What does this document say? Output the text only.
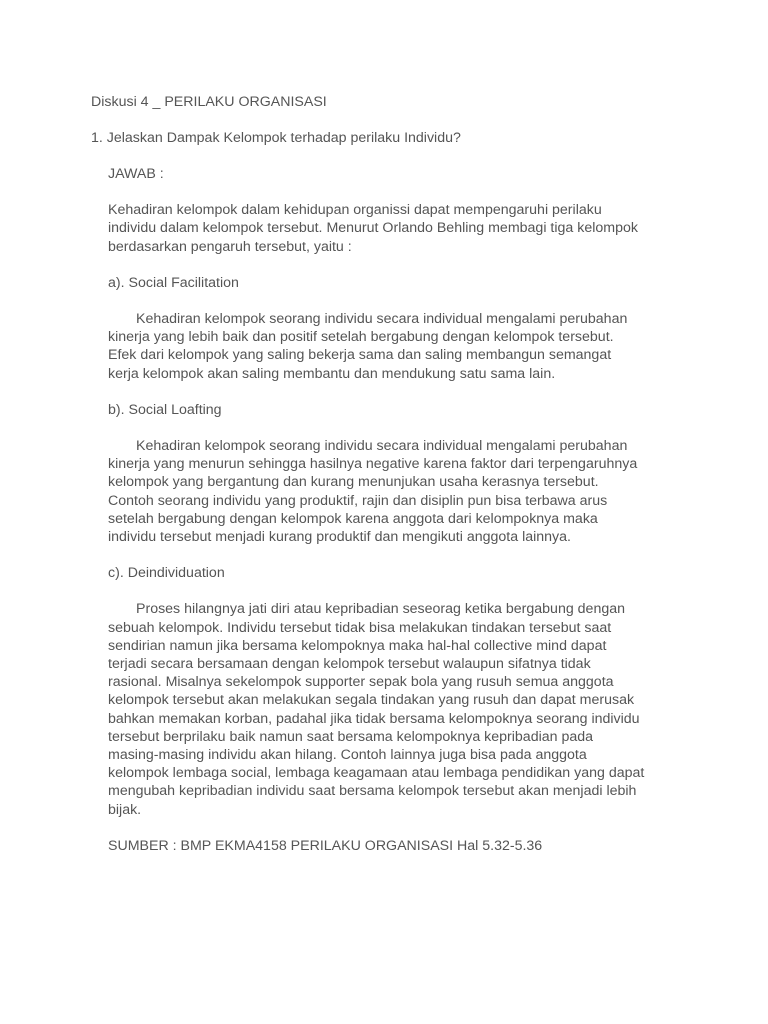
Diskusi 4 _ PERILAKU ORGANISASI
1. Jelaskan Dampak Kelompok terhadap perilaku Individu?

JAWAB :

Kehadiran kelompok dalam kehidupan organissi dapat mempengaruhi perilaku

individu dalam kelompok tersebut. Menurut Orlando Behling membagi tiga kelompok

berdasarkan pengaruh tersebut, yaitu :

a). Social Facilitation

Kehadiran kelompok seorang individu secara individual mengalami perubahan

kinerja yang lebih baik dan positif setelah bergabung dengan kelompok tersebut.

Efek dari kelompok yang saling bekerja sama dan saling membangun semangat

kerja kelompok akan saling membantu dan mendukung satu sama lain.

b). Social Loafting

Kehadiran kelompok seorang individu secara individual mengalami perubahan

kinerja yang menurun sehingga hasilnya negative karena faktor dari terpengaruhnya

kelompok yang bergantung dan kurang menunjukan usaha kerasnya tersebut.

Contoh seorang individu yang produktif, rajin dan disiplin pun bisa terbawa arus

setelah bergabung dengan kelompok karena anggota dari kelompoknya maka

individu tersebut menjadi kurang produktif dan mengikuti anggota lainnya.

c). Deindividuation

Proses hilangnya jati diri atau kepribadian seseorag ketika bergabung dengan

sebuah kelompok. Individu tersebut tidak bisa melakukan tindakan tersebut saat

sendirian namun jika bersama kelompoknya maka hal-hal collective mind dapat

terjadi secara bersamaan dengan kelompok tersebut walaupun sifatnya tidak

rasional. Misalnya sekelompok supporter sepak bola yang rusuh semua anggota

kelompok tersebut akan melakukan segala tindakan yang rusuh dan dapat merusak

bahkan memakan korban, padahal jika tidak bersama kelompoknya seorang individu

tersebut berprilaku baik namun saat bersama kelompoknya kepribadian pada

masing-masing individu akan hilang. Contoh lainnya juga bisa pada anggota

kelompok lembaga social, lembaga keagamaan atau lembaga pendidikan yang dapat

mengubah kepribadian individu saat bersama kelompok tersebut akan menjadi lebih

bijak.

SUMBER : BMP EKMA4158 PERILAKU ORGANISASI Hal 5.32-5.36
